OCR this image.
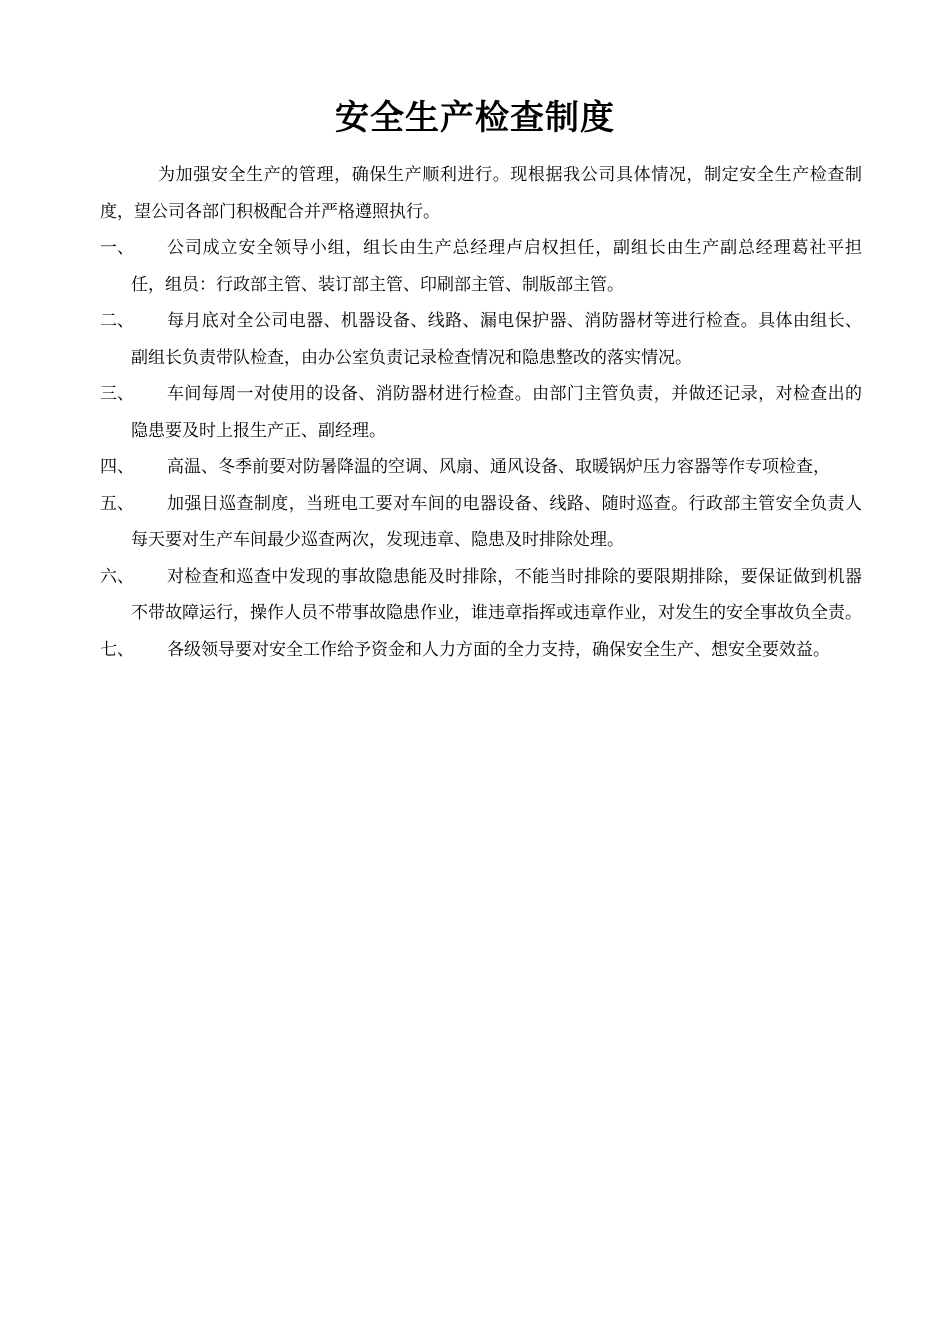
安全生产检查制度

为加强安全生产的管理，确保生产顺利进行。现根据我公司具体情况，制定安全生产检查制度，望公司各部门积极配合并严格遵照执行。

一、	公司成立安全领导小组，组长由生产总经理卢启权担任，副组长由生产副总经理葛社平担任，组员：行政部主管、装订部主管、印刷部主管、制版部主管。
二、	每月底对全公司电器、机器设备、线路、漏电保护器、消防器材等进行检查。具体由组长、副组长负责带队检查，由办公室负责记录检查情况和隐患整改的落实情况。
三、	车间每周一对使用的设备、消防器材进行检查。由部门主管负责，并做还记录，对检查出的隐患要及时上报生产正、副经理。
四、	高温、冬季前要对防暑降温的空调、风扇、通风设备、取暖锅炉压力容器等作专项检查，
五、	加强日巡查制度，当班电工要对车间的电器设备、线路、随时巡查。行政部主管安全负责人每天要对生产车间最少巡查两次，发现违章、隐患及时排除处理。
六、	对检查和巡查中发现的事故隐患能及时排除，不能当时排除的要限期排除，要保证做到机器不带故障运行，操作人员不带事故隐患作业，谁违章指挥或违章作业，对发生的安全事故负全责。
七、	各级领导要对安全工作给予资金和人力方面的全力支持，确保安全生产、想安全要效益。
